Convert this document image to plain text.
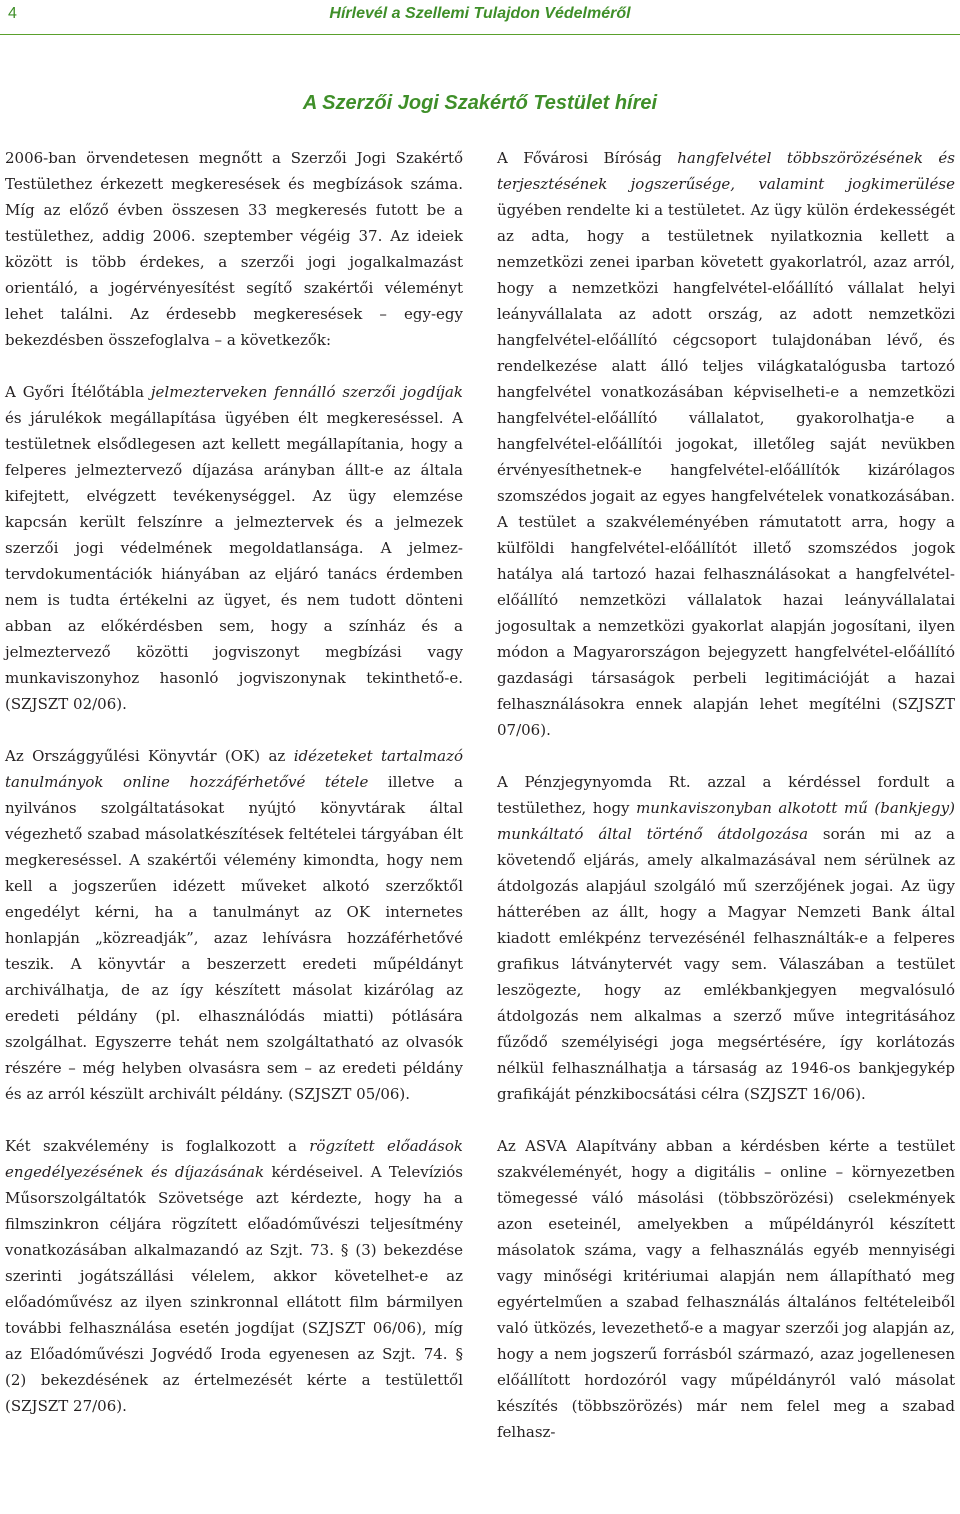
4	Hírlevél a Szellemi Tulajdon Védelméről
A Szerzői Jogi Szakértő Testület hírei

2006-ban örvendetesen megnőtt a Szerzői Jogi Szakértő Testülethez érkezett megkeresések és megbízások száma. Míg az előző évben összesen 33 megkeresés futott be a testülethez, addig 2006. szeptember végéig 37. Az ideiek között is több érdekes, a szerzői jogi jogalkalmazást orientáló, a jogérvényesítést segítő szakértői véleményt lehet találni. Az érdesebb megkeresések – egy-egy bekezdésben összefoglalva – a következők:

A Győri Ítélőtábla jelmezterveken fennálló szerzői jogdíjak és járulékok megállapítása ügyében élt megkereséssel. A testületnek elsődlegesen azt kellett megállapítania, hogy a felperes jelmeztervező díjazása arányban állt-e az általa kifejtett, elvégzett tevékenységgel. Az ügy elemzése kapcsán került felszínre a jelmeztervek és a jelmezek szerzői jogi védelmének megoldatlansága. A jelmez-tervdokumentációk hiányában az eljáró tanács érdemben nem is tudta értékelni az ügyet, és nem tudott dönteni abban az előkérdésben sem, hogy a színház és a jelmeztervező közötti jogviszonyt megbízási vagy munkaviszonyhoz hasonló jogviszonynak tekinthető-e. (SZJSZT 02/06).

Az Országgyűlési Könyvtár (OK) az idézeteket tartalmazó tanulmányok online hozzáférhetővé tétele illetve a nyilvános szolgáltatásokat nyújtó könyvtárak által végezhető szabad másolatkészítések feltételei tárgyában élt megkereséssel. A szakértői vélemény kimondta, hogy nem kell a jogszerűen idézett műveket alkotó szerzőktől engedélyt kérni, ha a tanulmányt az OK internetes honlapján „közreadják”, azaz lehívásra hozzáférhetővé teszik. A könyvtár a beszerzett eredeti műpéldányt archiválhatja, de az így készített másolat kizárólag az eredeti példány (pl. elhasználódás miatti) pótlására szolgálhat. Egyszerre tehát nem szolgáltatható az olvasók részére – még helyben olvasásra sem – az eredeti példány és az arról készült archivált példány. (SZJSZT 05/06).

Két szakvélemény is foglalkozott a rögzített előadások engedélyezésének és díjazásának kérdéseivel. A Televíziós Műsorszolgáltatók Szövetsége azt kérdezte, hogy ha a filmszinkron céljára rögzített előadóművészi teljesítmény vonatkozásában alkalmazandó az Szjt. 73. § (3) bekezdése szerinti jogátszállási vélelem, akkor követelhet-e az előadóművész az ilyen szinkronnal ellátott film bármilyen további felhasználása esetén jogdíjat (SZJSZT 06/06), míg az Előadóművészi Jogvédő Iroda egyenesen az Szjt. 74. § (2) bekezdésének az értelmezését kérte a testülettől (SZJSZT 27/06).

A Fővárosi Bíróság hangfelvétel többszörözésének és terjesztésének jogszerűsége, valamint jogkimerülése ügyében rendelte ki a testületet. Az ügy külön érdekességét az adta, hogy a testületnek nyilatkoznia kellett a nemzetközi zenei iparban követett gyakorlatról, azaz arról, hogy a nemzetközi hangfelvétel-előállító vállalat helyi leányvállalata az adott ország, az adott nemzetközi hangfelvétel-előállító cégcsoport tulajdonában lévő, és rendelkezése alatt álló teljes világkatalógusba tartozó hangfelvétel vonatkozásában képviselheti-e a nemzetközi hangfelvétel-előállító vállalatot, gyakorolhatja-e a hangfelvétel-előállítói jogokat, illetőleg saját nevükben érvényesíthetnek-e hangfelvétel-előállítók kizárólagos szomszédos jogait az egyes hangfelvételek vonatkozásában. A testület a szakvéleményében rámutatott arra, hogy a külföldi hangfelvétel-előállítót illető szomszédos jogok hatálya alá tartozó hazai felhasználásokat a hangfelvétel-előállító nemzetközi vállalatok hazai leányvállalatai jogosultak a nemzetközi gyakorlat alapján jogosítani, ilyen módon a Magyarországon bejegyzett hangfelvétel-előállító gazdasági társaságok perbeli legitimációját a hazai felhasználásokra ennek alapján lehet megítélni (SZJSZT 07/06).

A Pénzjegynyomda Rt. azzal a kérdéssel fordult a testülethez, hogy munkaviszonyban alkotott mű (bankjegy) munkáltató által történő átdolgozása során mi az a követendő eljárás, amely alkalmazásával nem sérülnek az átdolgozás alapjául szolgáló mű szerzőjének jogai. Az ügy hátterében az állt, hogy a Magyar Nemzeti Bank által kiadott emlékpénz tervezésénél felhasználták-e a felperes grafikus látványtervét vagy sem. Válaszában a testület leszögezte, hogy az emlékbankjegyen megvalósuló átdolgozás nem alkalmas a szerző műve integritásához fűződő személyiségi joga megsértésére, így korlátozás nélkül felhasználhatja a társaság az 1946-os bankjegykép grafikáját pénzkibocsátási célra (SZJSZT 16/06).

Az ASVA Alapítvány abban a kérdésben kérte a testület szakvéleményét, hogy a digitális – online – környezetben tömegessé váló másolási (többszörözési) cselekmények azon eseteinél, amelyekben a műpéldányról készített másolatok száma, vagy a felhasználás egyéb mennyiségi vagy minőségi kritériumai alapján nem állapítható meg egyértelműen a szabad felhasználás általános feltételeiből való ütközés, levezethető-e a magyar szerzői jog alapján az, hogy a nem jogszerű forrásból származó, azaz jogellenesen előállított hordozóról vagy műpéldányról való másolat készítés (többszörözés) már nem felel meg a szabad felhasz-
